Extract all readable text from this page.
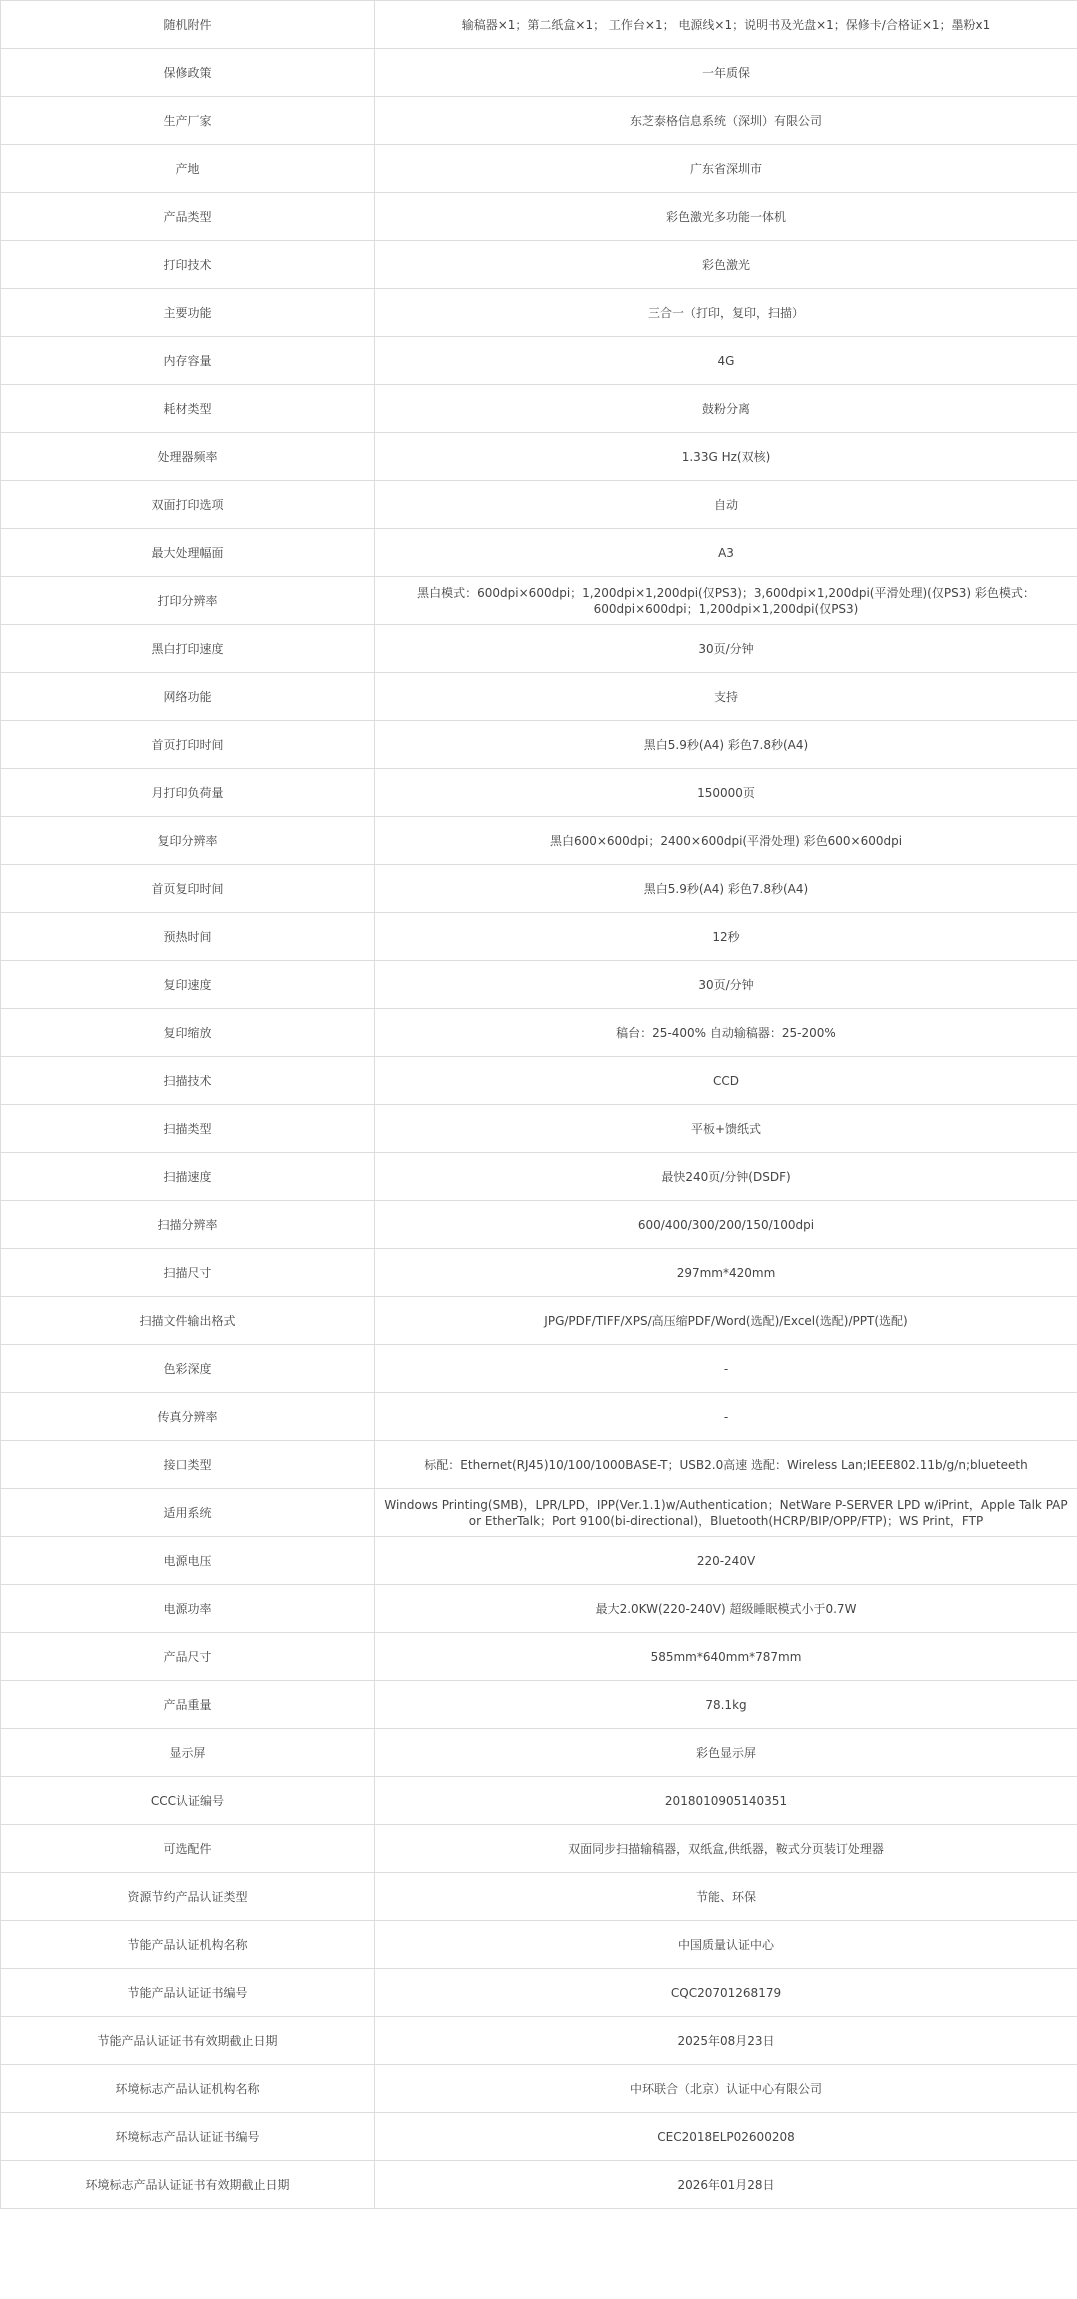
随机附件	输稿器×1；第二纸盒×1； 工作台×1； 电源线×1；说明书及光盘×1；保修卡/合格证×1；墨粉x1
保修政策	一年质保
生产厂家	东芝泰格信息系统（深圳）有限公司
产地	广东省深圳市
产品类型	彩色激光多功能一体机
打印技术	彩色激光
主要功能	三合一（打印，复印，扫描）
内存容量	4G
耗材类型	鼓粉分离
处理器频率	1.33G Hz(双核)
双面打印选项	自动
最大处理幅面	A3
打印分辨率	黑白模式：600dpi×600dpi；1,200dpi×1,200dpi(仅PS3)；3,600dpi×1,200dpi(平滑处理)(仅PS3) 彩色模式：600dpi×600dpi；1,200dpi×1,200dpi(仅PS3)
黑白打印速度	30页/分钟
网络功能	支持
首页打印时间	黑白5.9秒(A4) 彩色7.8秒(A4)
月打印负荷量	150000页
复印分辨率	黑白600×600dpi；2400×600dpi(平滑处理) 彩色600×600dpi
首页复印时间	黑白5.9秒(A4) 彩色7.8秒(A4)
预热时间	12秒
复印速度	30页/分钟
复印缩放	稿台：25-400% 自动输稿器：25-200%
扫描技术	CCD
扫描类型	平板+馈纸式
扫描速度	最快240页/分钟(DSDF)
扫描分辨率	600/400/300/200/150/100dpi
扫描尺寸	297mm*420mm
扫描文件输出格式	JPG/PDF/TIFF/XPS/高压缩PDF/Word(选配)/Excel(选配)/PPT(选配)
色彩深度	-
传真分辨率	-
接口类型	标配：Ethernet(RJ45)10/100/1000BASE-T；USB2.0高速 选配：Wireless Lan;IEEE802.11b/g/n;blueteeth
适用系统	Windows Printing(SMB)，LPR/LPD，IPP(Ver.1.1)w/Authentication；NetWare P-SERVER LPD w/iPrint，Apple Talk PAP or EtherTalk；Port 9100(bi-directional)，Bluetooth(HCRP/BIP/OPP/FTP)；WS Print，FTP
电源电压	220-240V
电源功率	最大2.0KW(220-240V) 超级睡眠模式小于0.7W
产品尺寸	585mm*640mm*787mm
产品重量	78.1kg
显示屏	彩色显示屏
CCC认证编号	2018010905140351
可选配件	双面同步扫描输稿器，双纸盒,供纸器，鞍式分页装订处理器
资源节约产品认证类型	节能、环保
节能产品认证机构名称	中国质量认证中心
节能产品认证证书编号	CQC20701268179
节能产品认证证书有效期截止日期	2025年08月23日
环境标志产品认证机构名称	中环联合（北京）认证中心有限公司
环境标志产品认证证书编号	CEC2018ELP02600208
环境标志产品认证证书有效期截止日期	2026年01月28日
